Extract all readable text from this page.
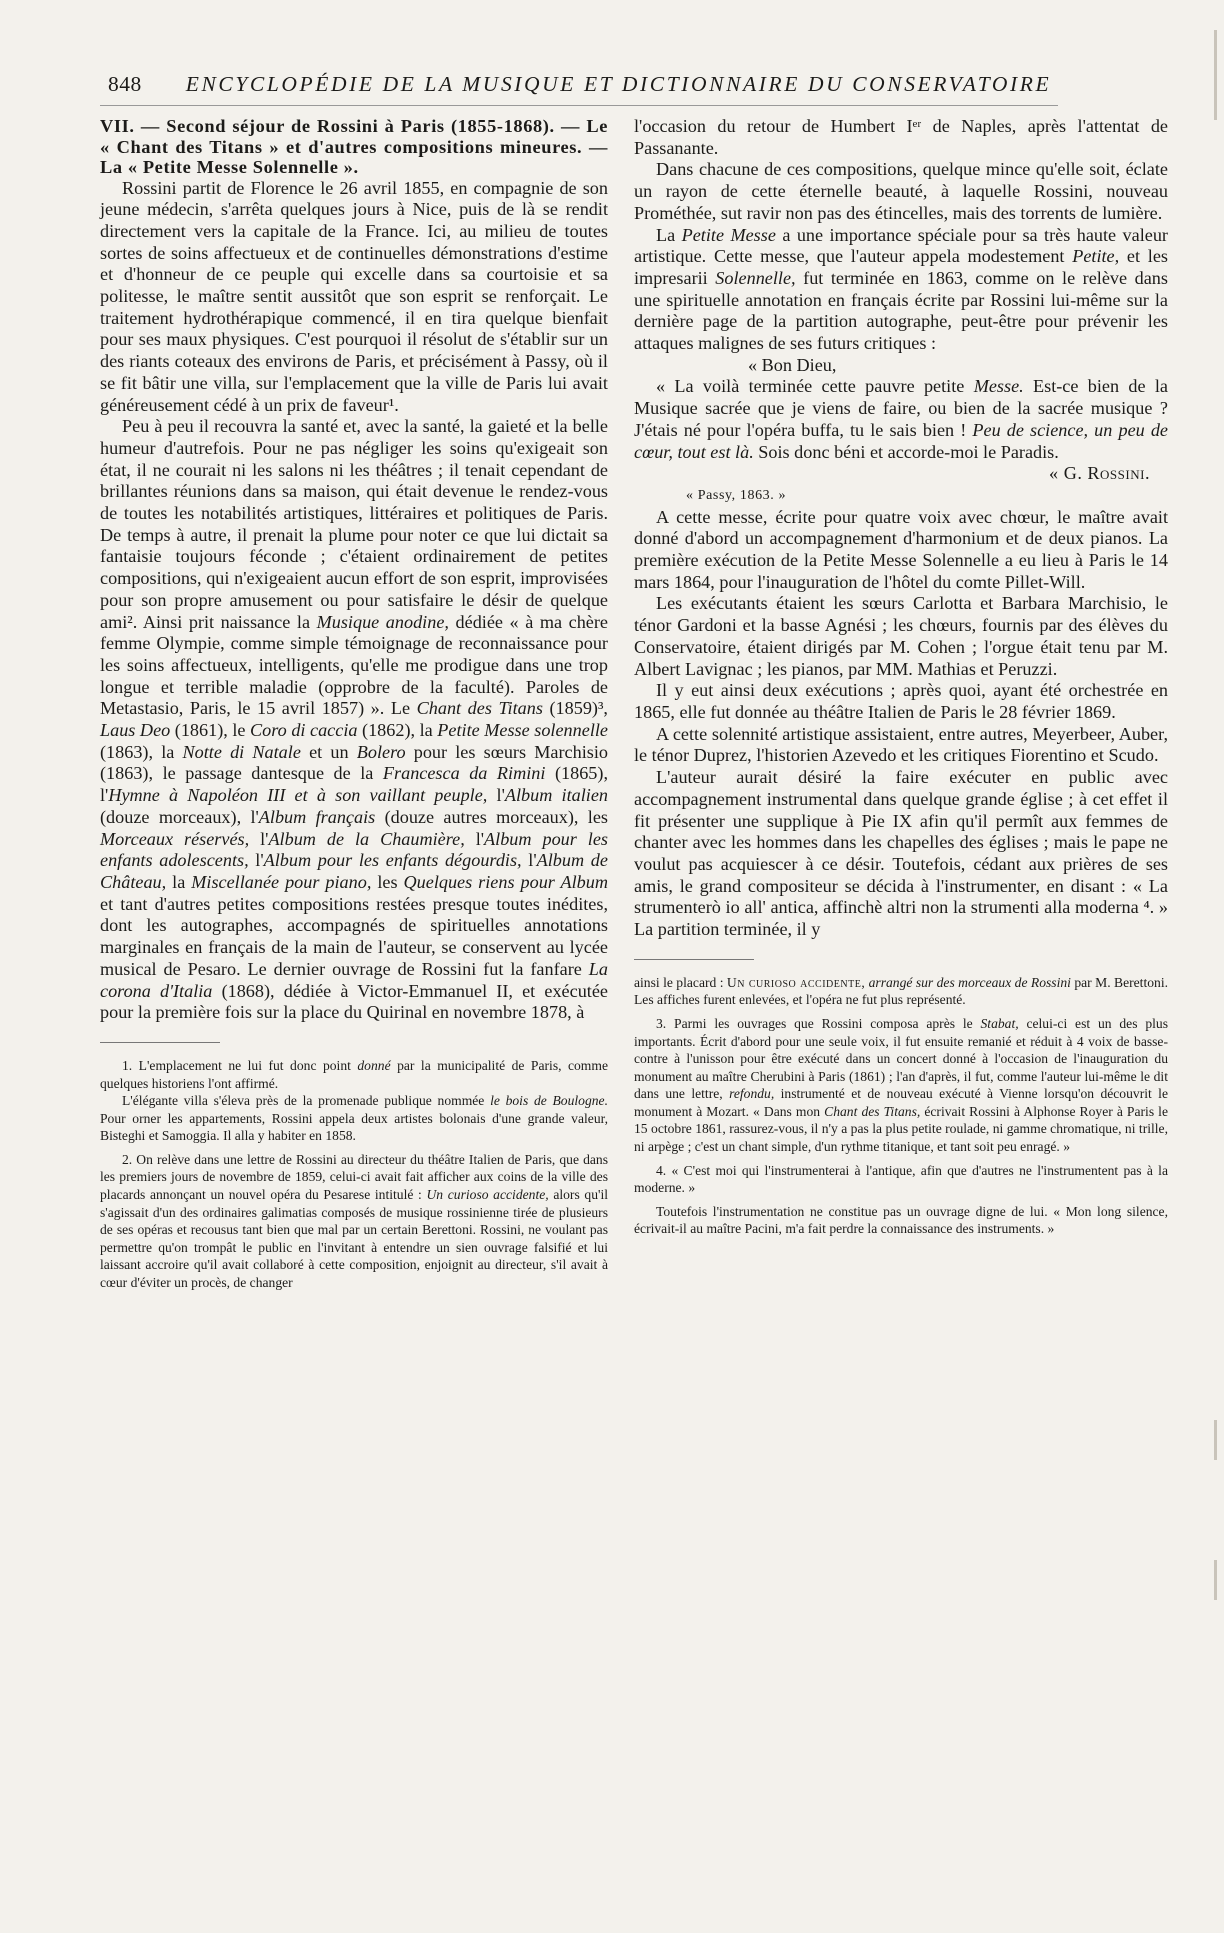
848 ENCYCLOPÉDIE DE LA MUSIQUE ET DICTIONNAIRE DU CONSERVATOIRE

VII. — Second séjour de Rossini à Paris (1855-1868). — Le « Chant des Titans » et d'autres compositions mineures. — La « Petite Messe Solennelle ».

Rossini partit de Florence le 26 avril 1855, en compagnie de son jeune médecin, s'arrêta quelques jours à Nice, puis de là se rendit directement vers la capitale de la France. Ici, au milieu de toutes sortes de soins affectueux et de continuelles démonstrations d'estime et d'honneur de ce peuple qui excelle dans sa courtoisie et sa politesse, le maître sentit aussitôt que son esprit se renforçait. Le traitement hydrothérapique commencé, il en tira quelque bienfait pour ses maux physiques. C'est pourquoi il résolut de s'établir sur un des riants coteaux des environs de Paris, et précisément à Passy, où il se fit bâtir une villa, sur l'emplacement que la ville de Paris lui avait généreusement cédé à un prix de faveur¹.

Peu à peu il recouvra la santé et, avec la santé, la gaieté et la belle humeur d'autrefois. Pour ne pas négliger les soins qu'exigeait son état, il ne courait ni les salons ni les théâtres ; il tenait cependant de brillantes réunions dans sa maison, qui était devenue le rendez-vous de toutes les notabilités artistiques, littéraires et politiques de Paris. De temps à autre, il prenait la plume pour noter ce que lui dictait sa fantaisie toujours féconde ; c'étaient ordinairement de petites compositions, qui n'exigeaient aucun effort de son esprit, improvisées pour son propre amusement ou pour satisfaire le désir de quelque ami². Ainsi prit naissance la Musique anodine, dédiée « à ma chère femme Olympie, comme simple témoignage de reconnaissance pour les soins affectueux, intelligents, qu'elle me prodigue dans une trop longue et terrible maladie (opprobre de la faculté). Paroles de Metastasio, Paris, le 15 avril 1857) ». Le Chant des Titans (1859)³, Laus Deo (1861), le Coro di caccia (1862), la Petite Messe solennelle (1863), la Notte di Natale et un Bolero pour les sœurs Marchisio (1863), le passage dantesque de la Francesca da Rimini (1865), l'Hymne à Napoléon III et à son vaillant peuple, l'Album italien (douze morceaux), l'Album français (douze autres morceaux), les Morceaux réservés, l'Album de la Chaumière, l'Album pour les enfants adolescents, l'Album pour les enfants dégourdis, l'Album de Château, la Miscellanée pour piano, les Quelques riens pour Album et tant d'autres petites compositions restées presque toutes inédites, dont les autographes, accompagnés de spirituelles annotations marginales en français de la main de l'auteur, se conservent au lycée musical de Pesaro. Le dernier ouvrage de Rossini fut la fanfare La corona d'Italia (1868), dédiée à Victor-Emmanuel II, et exécutée pour la première fois sur la place du Quirinal en novembre 1878, à

1. L'emplacement ne lui fut donc point donné par la municipalité de Paris, comme quelques historiens l'ont affirmé.

L'élégante villa s'éleva près de la promenade publique nommée le bois de Boulogne. Pour orner les appartements, Rossini appela deux artistes bolonais d'une grande valeur, Bisteghi et Samoggia. Il alla y habiter en 1858.

2. On relève dans une lettre de Rossini au directeur du théâtre Italien de Paris, que dans les premiers jours de novembre de 1859, celui-ci avait fait afficher aux coins de la ville des placards annonçant un nouvel opéra du Pesarese intitulé : Un curioso accidente, alors qu'il s'agissait d'un des ordinaires galimatias composés de musique rossinienne tirée de plusieurs de ses opéras et recousus tant bien que mal par un certain Berettoni. Rossini, ne voulant pas permettre qu'on trompât le public en l'invitant à entendre un sien ouvrage falsifié et lui laissant accroire qu'il avait collaboré à cette composition, enjoignit au directeur, s'il avait à cœur d'éviter un procès, de changer

l'occasion du retour de Humbert Iᵉʳ de Naples, après l'attentat de Passanante.

Dans chacune de ces compositions, quelque mince qu'elle soit, éclate un rayon de cette éternelle beauté, à laquelle Rossini, nouveau Prométhée, sut ravir non pas des étincelles, mais des torrents de lumière.

La Petite Messe a une importance spéciale pour sa très haute valeur artistique. Cette messe, que l'auteur appela modestement Petite, et les impresarii Solennelle, fut terminée en 1863, comme on le relève dans une spirituelle annotation en français écrite par Rossini lui-même sur la dernière page de la partition autographe, peut-être pour prévenir les attaques malignes de ses futurs critiques :

« Bon Dieu,

« La voilà terminée cette pauvre petite Messe. Est-ce bien de la Musique sacrée que je viens de faire, ou bien de la sacrée musique ? J'étais né pour l'opéra buffa, tu le sais bien ! Peu de science, un peu de cœur, tout est là. Sois donc béni et accorde-moi le Paradis.

« G. Rossini.

« Passy, 1863. »

A cette messe, écrite pour quatre voix avec chœur, le maître avait donné d'abord un accompagnement d'harmonium et de deux pianos. La première exécution de la Petite Messe Solennelle a eu lieu à Paris le 14 mars 1864, pour l'inauguration de l'hôtel du comte Pillet-Will.

Les exécutants étaient les sœurs Carlotta et Barbara Marchisio, le ténor Gardoni et la basse Agnési ; les chœurs, fournis par des élèves du Conservatoire, étaient dirigés par M. Cohen ; l'orgue était tenu par M. Albert Lavignac ; les pianos, par MM. Mathias et Peruzzi.

Il y eut ainsi deux exécutions ; après quoi, ayant été orchestrée en 1865, elle fut donnée au théâtre Italien de Paris le 28 février 1869.

A cette solennité artistique assistaient, entre autres, Meyerbeer, Auber, le ténor Duprez, l'historien Azevedo et les critiques Fiorentino et Scudo.

L'auteur aurait désiré la faire exécuter en public avec accompagnement instrumental dans quelque grande église ; à cet effet il fit présenter une supplique à Pie IX afin qu'il permît aux femmes de chanter avec les hommes dans les chapelles des églises ; mais le pape ne voulut pas acquiescer à ce désir. Toutefois, cédant aux prières de ses amis, le grand compositeur se décida à l'instrumenter, en disant : « La strumenterò io all' antica, affinchè altri non la strumenti alla moderna ⁴. » La partition terminée, il y

ainsi le placard : Un curioso accidente, arrangé sur des morceaux de Rossini par M. Berettoni. Les affiches furent enlevées, et l'opéra ne fut plus représenté.

3. Parmi les ouvrages que Rossini composa après le Stabat, celui-ci est un des plus importants. Écrit d'abord pour une seule voix, il fut ensuite remanié et réduit à 4 voix de basse-contre à l'unisson pour être exécuté dans un concert donné à l'occasion de l'inauguration du monument au maître Cherubini à Paris (1861) ; l'an d'après, il fut, comme l'auteur lui-même le dit dans une lettre, refondu, instrumenté et de nouveau exécuté à Vienne lorsqu'on découvrit le monument à Mozart. « Dans mon Chant des Titans, écrivait Rossini à Alphonse Royer à Paris le 15 octobre 1861, rassurez-vous, il n'y a pas la plus petite roulade, ni gamme chromatique, ni trille, ni arpège ; c'est un chant simple, d'un rythme titanique, et tant soit peu enragé. »

4. « C'est moi qui l'instrumenterai à l'antique, afin que d'autres ne l'instrumentent pas à la moderne. »

Toutefois l'instrumentation ne constitue pas un ouvrage digne de lui. « Mon long silence, écrivait-il au maître Pacini, m'a fait perdre la connaissance des instruments. »
